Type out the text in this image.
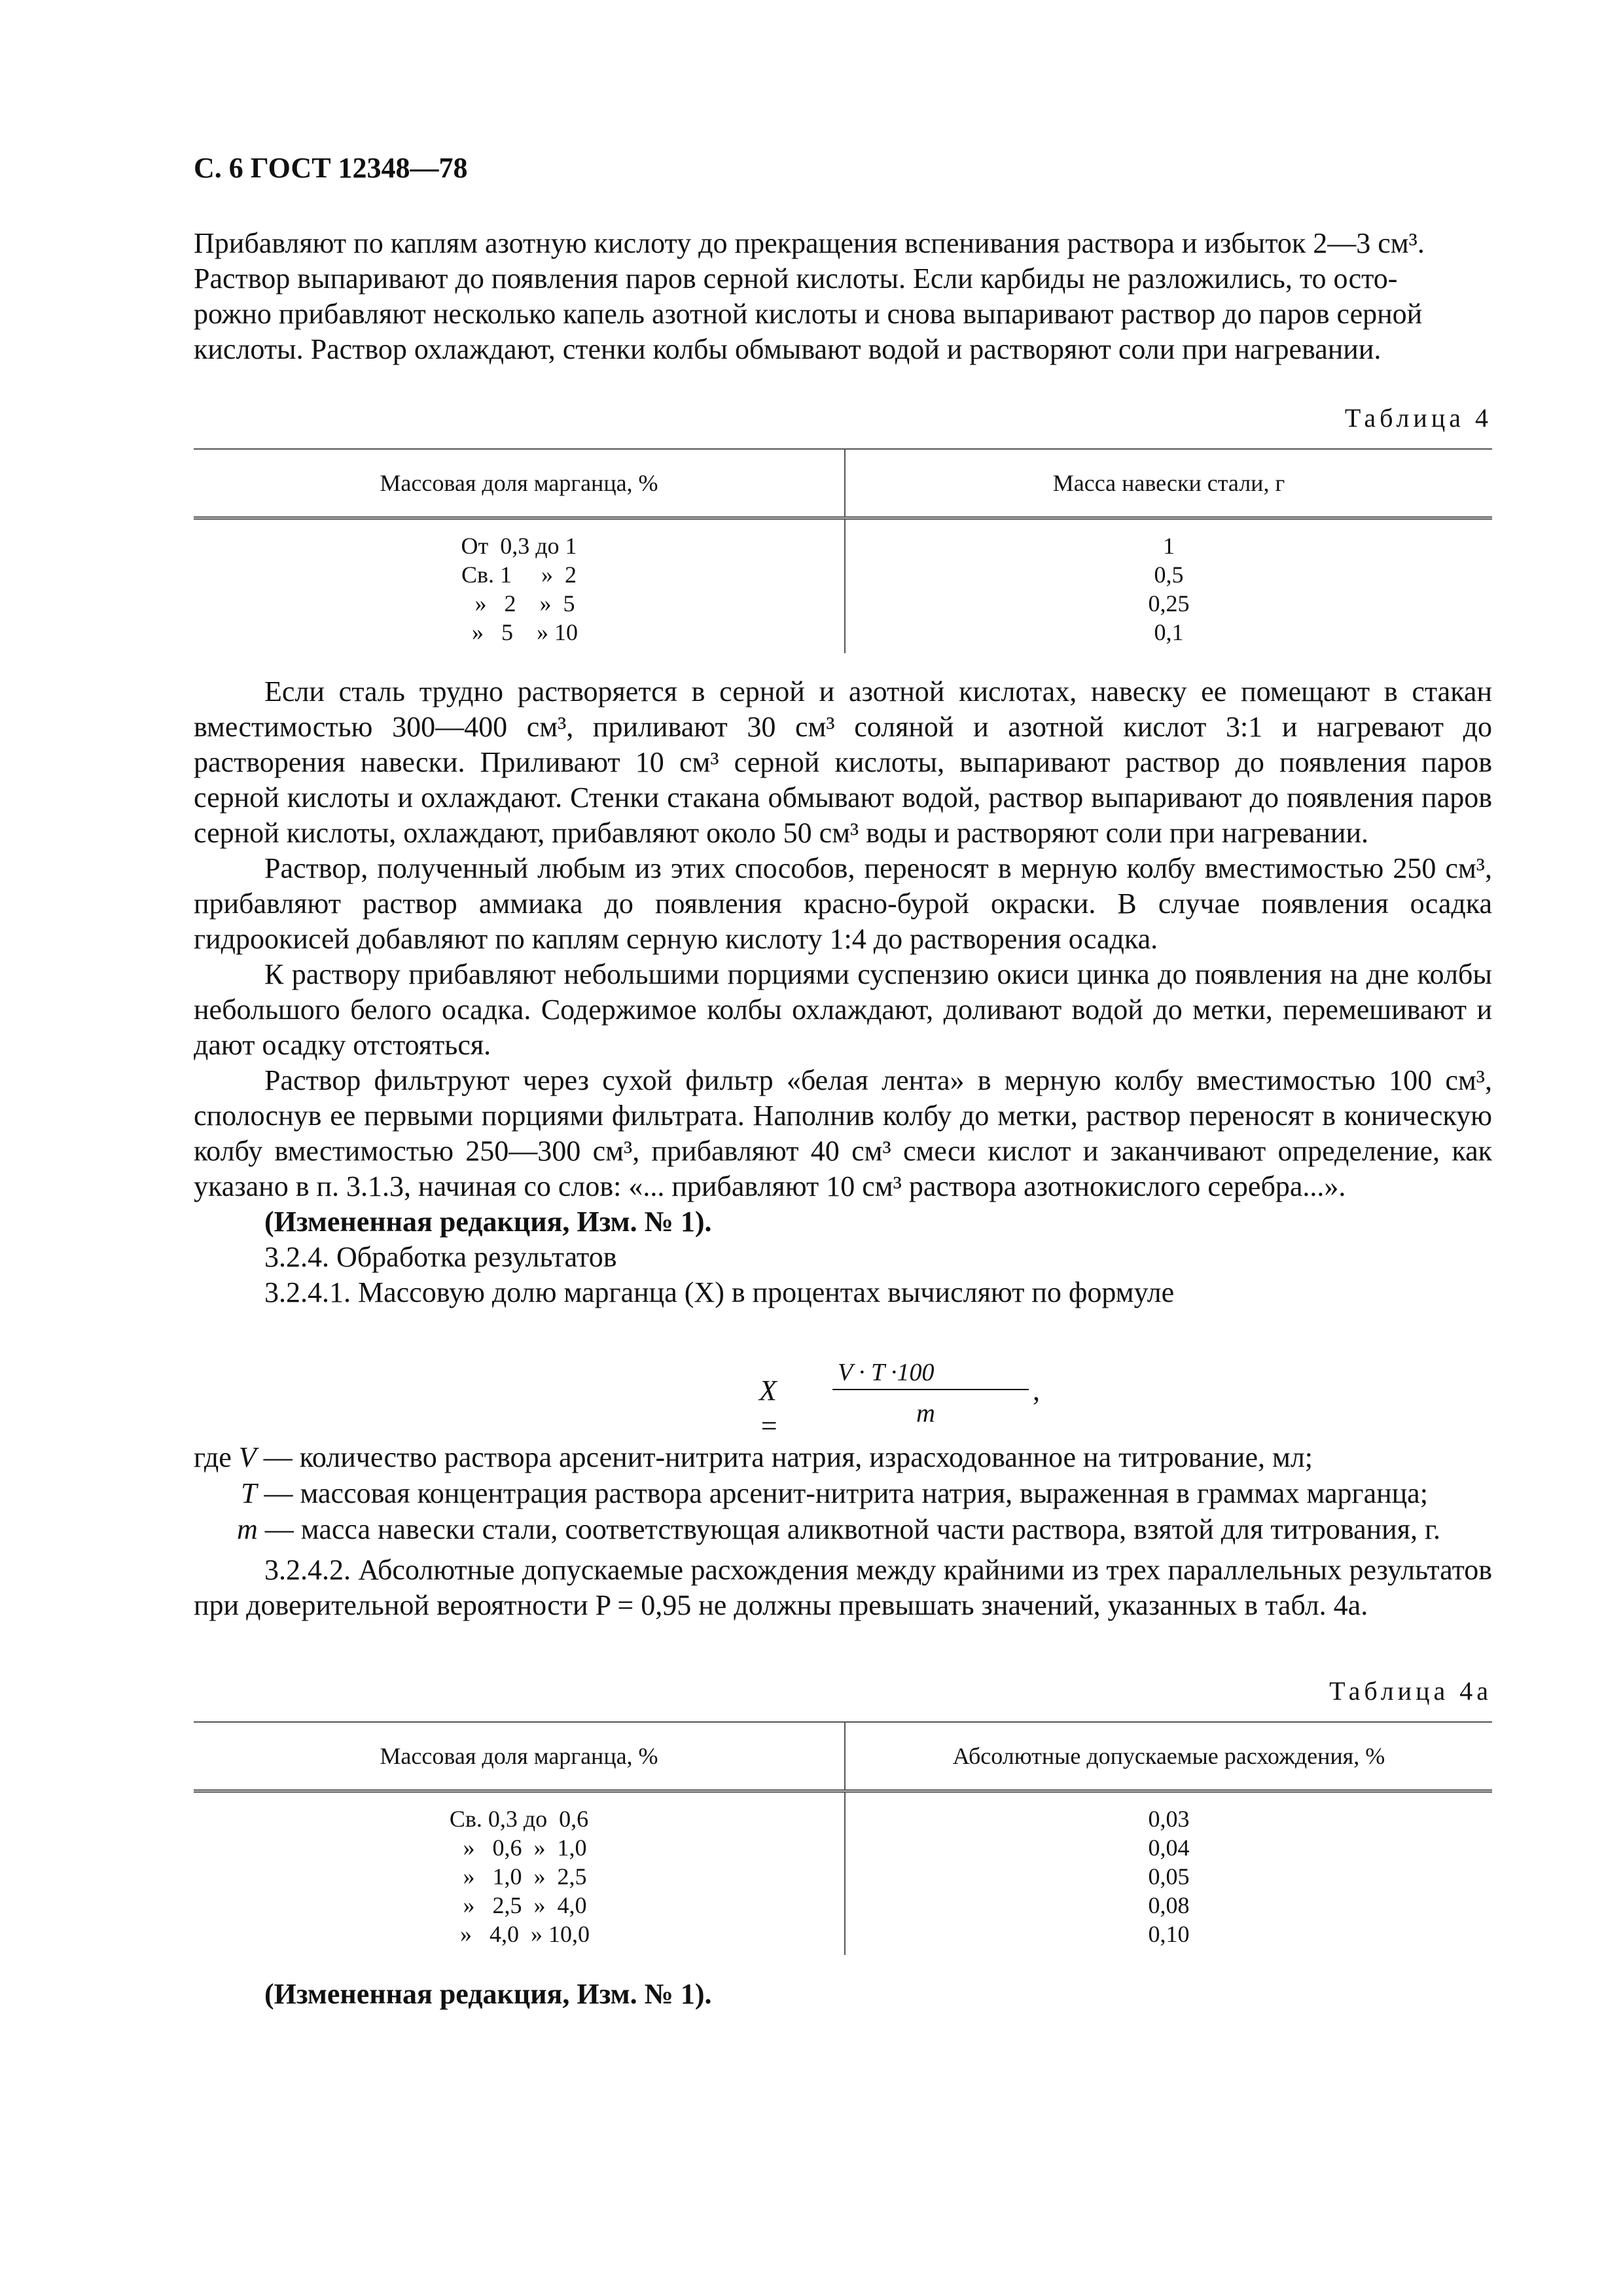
С. 6 ГОСТ 12348—78
Прибавляют по каплям азотную кислоту до прекращения вспенивания раствора и избыток 2—3 см³.
Раствор выпаривают до появления паров серной кислоты. Если карбиды не разложились, то осто-
рожно прибавляют несколько капель азотной кислоты и снова выпаривают раствор до паров серной
кислоты. Раствор охлаждают, стенки колбы обмывают водой и растворяют соли при нагревании.
Таблица 4
Массовая доля марганца, %	Масса навески стали, г
От  0,3 до 1	1
Св. 1     »  2	0,5
»   2    »  5	0,25
»   5    » 10	0,1

Если сталь трудно растворяется в серной и азотной кислотах, навеску ее помещают в стакан вместимостью 300—400 см³, приливают 30 см³ соляной и азотной кислот 3:1 и нагревают до растворения навески. Приливают 10 см³ серной кислоты, выпаривают раствор до появления паров серной кислоты и охлаждают. Стенки стакана обмывают водой, раствор выпаривают до появления паров серной кислоты, охлаждают, прибавляют около 50 см³ воды и растворяют соли при нагревании.

Раствор, полученный любым из этих способов, переносят в мерную колбу вместимостью 250 см³, прибавляют раствор аммиака до появления красно-бурой окраски. В случае появления осадка гидроокисей добавляют по каплям серную кислоту 1:4 до растворения осадка.

К раствору прибавляют небольшими порциями суспензию окиси цинка до появления на дне колбы небольшого белого осадка. Содержимое колбы охлаждают, доливают водой до метки, перемешивают и дают осадку отстояться.

Раствор фильтруют через сухой фильтр «белая лента» в мерную колбу вместимостью 100 см³, сполоснув ее первыми порциями фильтрата. Наполнив колбу до метки, раствор переносят в коническую колбу вместимостью 250—300 см³, прибавляют 40 см³ смеси кислот и заканчивают определение, как указано в п. 3.1.3, начиная со слов: «... прибавляют 10 см³ раствора азотнокислого серебра...».

(Измененная редакция, Изм. № 1).

3.2.4. Обработка результатов

3.2.4.1. Массовую долю марганца (X) в процентах вычисляют по формуле

X =
V · T ·100
m
,
где V — количество раствора арсенит-нитрита натрия, израсходованное на титрование, мл;
T — массовая концентрация раствора арсенит-нитрита натрия, выраженная в граммах марганца;
m — масса навески стали, соответствующая аликвотной части раствора, взятой для титрования, г.

3.2.4.2. Абсолютные допускаемые расхождения между крайними из трех параллельных результатов при доверительной вероятности P = 0,95 не должны превышать значений, указанных в табл. 4а.

Таблица 4а
Массовая доля марганца, %	Абсолютные допускаемые расхождения, %
Св. 0,3 до  0,6	0,03
»   0,6  »  1,0	0,04
»   1,0  »  2,5	0,05
»   2,5  »  4,0	0,08
»   4,0  » 10,0	0,10
(Измененная редакция, Изм. № 1).
